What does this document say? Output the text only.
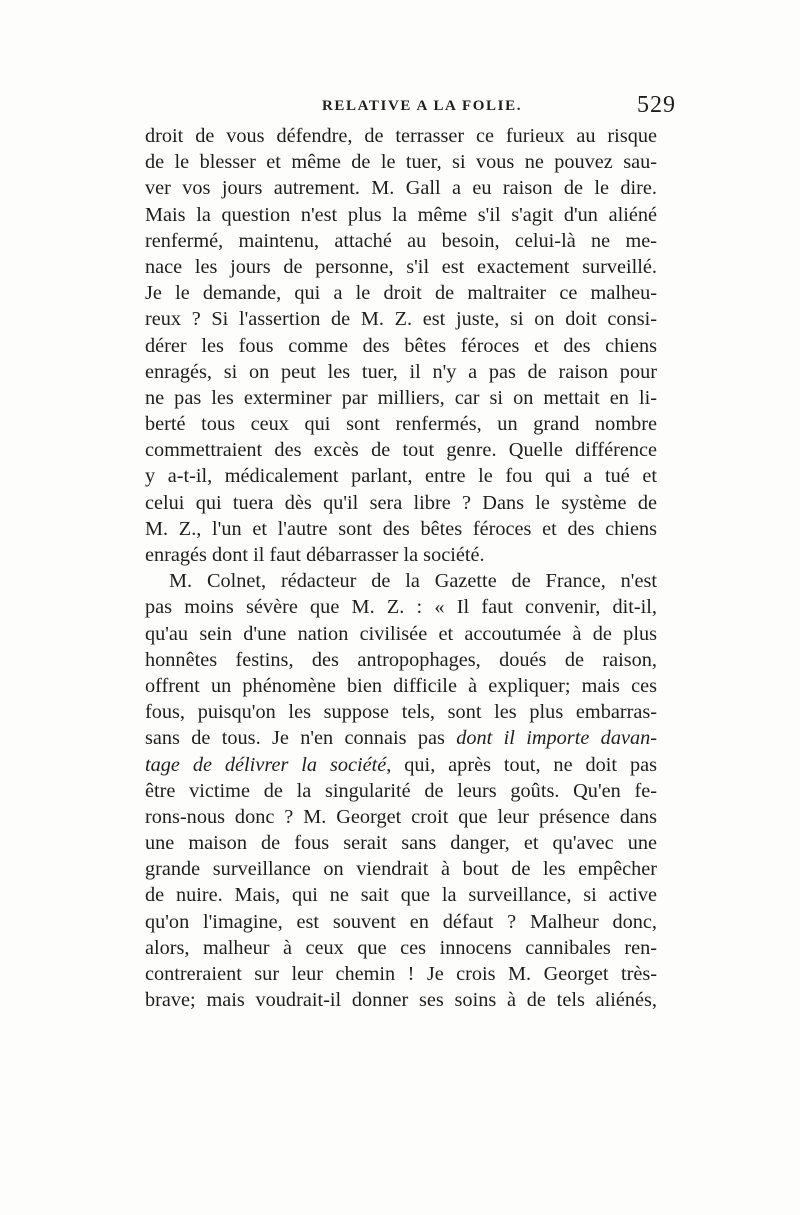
RELATIVE A LA FOLIE.	529
droit de vous défendre, de terrasser ce furieux au risque
de le blesser et même de le tuer, si vous ne pouvez sau-
ver vos jours autrement. M. Gall a eu raison de le dire.
Mais la question n'est plus la même s'il s'agit d'un aliéné
renfermé, maintenu, attaché au besoin, celui-là ne me-
nace les jours de personne, s'il est exactement surveillé.
Je le demande, qui a le droit de maltraiter ce malheu-
reux ? Si l'assertion de M. Z. est juste, si on doit consi-
dérer les fous comme des bêtes féroces et des chiens
enragés, si on peut les tuer, il n'y a pas de raison pour
ne pas les exterminer par milliers, car si on mettait en li-
berté tous ceux qui sont renfermés, un grand nombre
commettraient des excès de tout genre. Quelle différence
y a-t-il, médicalement parlant, entre le fou qui a tué et
celui qui tuera dès qu'il sera libre ? Dans le système de
M. Z., l'un et l'autre sont des bêtes féroces et des chiens
enragés dont il faut débarrasser la société.
M. Colnet, rédacteur de la Gazette de France, n'est
pas moins sévère que M. Z. : « Il faut convenir, dit-il,
qu'au sein d'une nation civilisée et accoutumée à de plus
honnêtes festins, des antropophages, doués de raison,
offrent un phénomène bien difficile à expliquer; mais ces
fous, puisqu'on les suppose tels, sont les plus embarras-
sans de tous. Je n'en connais pas dont il importe davan-
tage de délivrer la société, qui, après tout, ne doit pas
être victime de la singularité de leurs goûts. Qu'en fe-
rons-nous donc ? M. Georget croit que leur présence dans
une maison de fous serait sans danger, et qu'avec une
grande surveillance on viendrait à bout de les empêcher
de nuire. Mais, qui ne sait que la surveillance, si active
qu'on l'imagine, est souvent en défaut ? Malheur donc,
alors, malheur à ceux que ces innocens cannibales ren-
contreraient sur leur chemin ! Je crois M. Georget très-
brave; mais voudrait-il donner ses soins à de tels aliénés,
